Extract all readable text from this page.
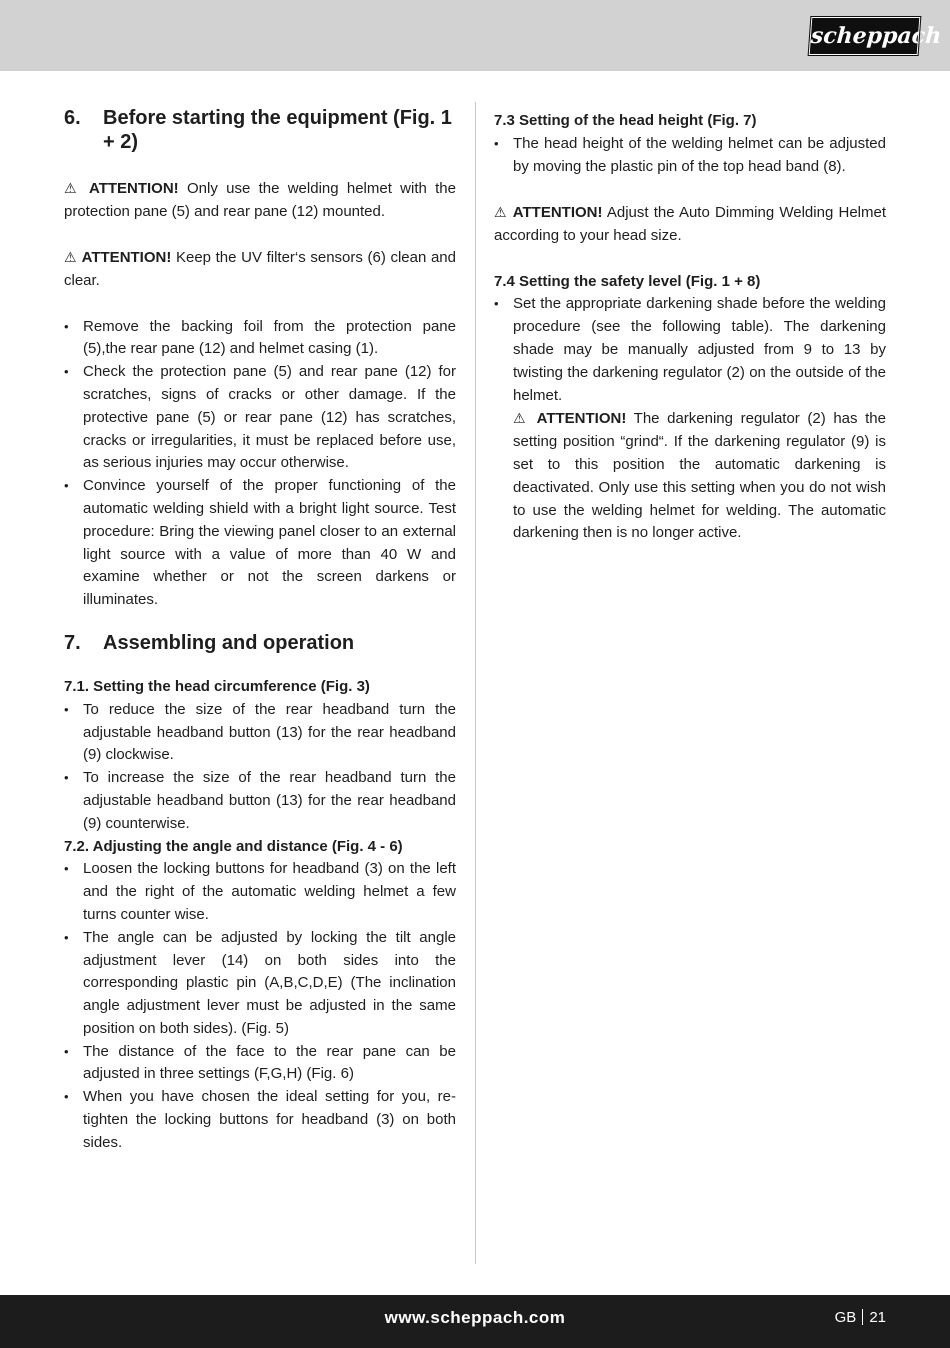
scheppach
6.	Before starting the equipment (Fig. 1 + 2)

⚠ ATTENTION! Only use the welding helmet with the protection pane (5) and rear pane (12) mounted.

⚠ ATTENTION! Keep the UV filter‘s sensors (6) clean and clear.

• Remove the backing foil from the protection pane (5),the rear pane (12) and helmet casing (1).
• Check the protection pane (5) and rear pane (12) for scratches, signs of cracks or other damage. If the protective pane (5) or rear pane (12) has scratches, cracks or irregularities, it must be replaced before use, as serious injuries may occur otherwise.
• Convince yourself of the proper functioning of the automatic welding shield with a bright light source. Test procedure: Bring the viewing panel closer to an external light source with a value of more than 40 W and examine whether or not the screen darkens or illuminates.
7.	Assembling and operation

7.1. Setting the head circumference (Fig. 3)

• To reduce the size of the rear headband turn the adjustable headband button (13) for the rear headband (9) clockwise.
• To increase the size of the rear headband turn the adjustable headband button (13) for the rear headband (9) counterwise.

7.2. Adjusting the angle and distance (Fig. 4 - 6)

• Loosen the locking buttons for headband (3) on the left and the right of the automatic welding helmet a few turns counter wise.
• The angle can be adjusted by locking the tilt angle adjustment lever (14) on both sides into the corresponding plastic pin (A,B,C,D,E) (The inclination angle adjustment lever must be adjusted in the same position on both sides). (Fig. 5)
• The distance of the face to the rear pane can be adjusted in three settings (F,G,H) (Fig. 6)
• When you have chosen the ideal setting for you, re-tighten the locking buttons for headband (3) on both sides.

7.3 Setting of the head height (Fig. 7)

• The head height of the welding helmet can be adjusted by moving the plastic pin of the top head band (8).

⚠ ATTENTION! Adjust the Auto Dimming Welding Helmet according to your head size.

7.4 Setting the safety level (Fig. 1 + 8)

• Set the appropriate darkening shade before the welding procedure (see the following table). The darkening shade may be manually adjusted from 9 to 13 by twisting the darkening regulator (2) on the outside of the helmet.
⚠ ATTENTION! The darkening regulator (2) has the setting position “grind“. If the darkening regulator (9) is set to this position the automatic darkening is deactivated. Only use this setting when you do not wish to use the welding helmet for welding. The automatic darkening then is no longer active.
www.scheppach.com	GB 21
